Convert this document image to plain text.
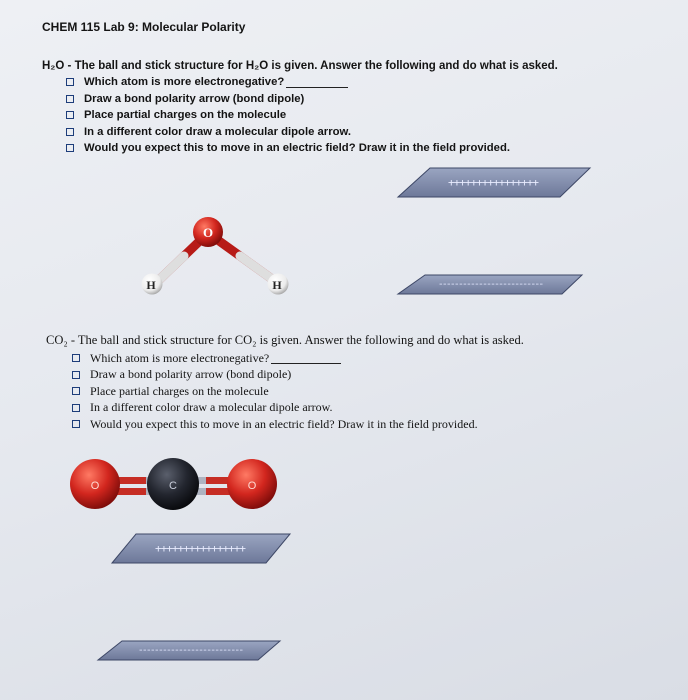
CHEM 115 Lab 9: Molecular Polarity
H₂O - The ball and stick structure for H₂O is given. Answer the following and do what is asked.
Which atom is more electronegative?
Draw a bond polarity arrow (bond dipole)
Place partial charges on the molecule
In a different color draw a molecular dipole arrow.
Would you expect this to move in an electric field? Draw it in the field provided.
CO₂ - The ball and stick structure for CO₂ is given. Answer the following and do what is asked.
Which atom is more electronegative?
Draw a bond polarity arrow (bond dipole)
Place partial charges on the molecule
In a different color draw a molecular dipole arrow.
Would you expect this to move in an electric field? Draw it in the field provided.
++++++++++++++++
--------------------------
O
H	H
O	C	O
++++++++++++++++
--------------------------
